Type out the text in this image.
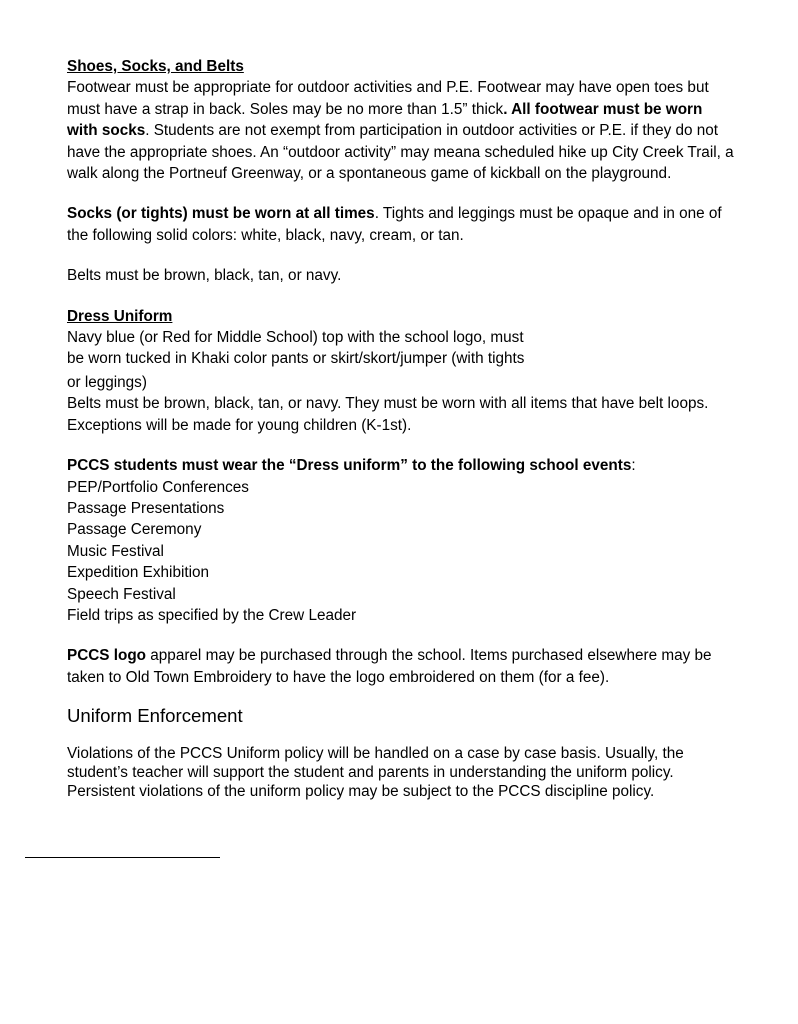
Shoes, Socks, and Belts

Footwear must be appropriate for outdoor activities and P.E. Footwear may have open toes but must have a strap in back. Soles may be no more than 1.5” thick. All footwear must be worn with socks. Students are not exempt from participation in outdoor activities or P.E. if they do not have the appropriate shoes. An “outdoor activity” may meana scheduled hike up City Creek Trail, a walk along the Portneuf Greenway, or a spontaneous game of kickball on the playground.

Socks (or tights) must be worn at all times. Tights and leggings must be opaque and in one of the following solid colors: white, black, navy, cream, or tan.

Belts must be brown, black, tan, or navy.

Dress Uniform

Navy blue (or Red for Middle School) top with the school logo, must

be worn tucked in Khaki color pants or skirt/skort/jumper (with tights

or leggings)

Belts must be brown, black, tan, or navy. They must be worn with all items that have belt loops. Exceptions will be made for young children (K-1st).

PCCS students must wear the “Dress uniform” to the following school events:

PEP/Portfolio Conferences
Passage Presentations
Passage Ceremony
Music Festival
Expedition Exhibition
Speech Festival
Field trips as specified by the Crew Leader

PCCS logo apparel may be purchased through the school. Items purchased elsewhere may be taken to Old Town Embroidery to have the logo embroidered on them (for a fee).

Uniform Enforcement

Violations of the PCCS Uniform policy will be handled on a case by case basis. Usually, the student’s teacher will support the student and parents in understanding the uniform policy. Persistent violations of the uniform policy may be subject to the PCCS discipline policy.
